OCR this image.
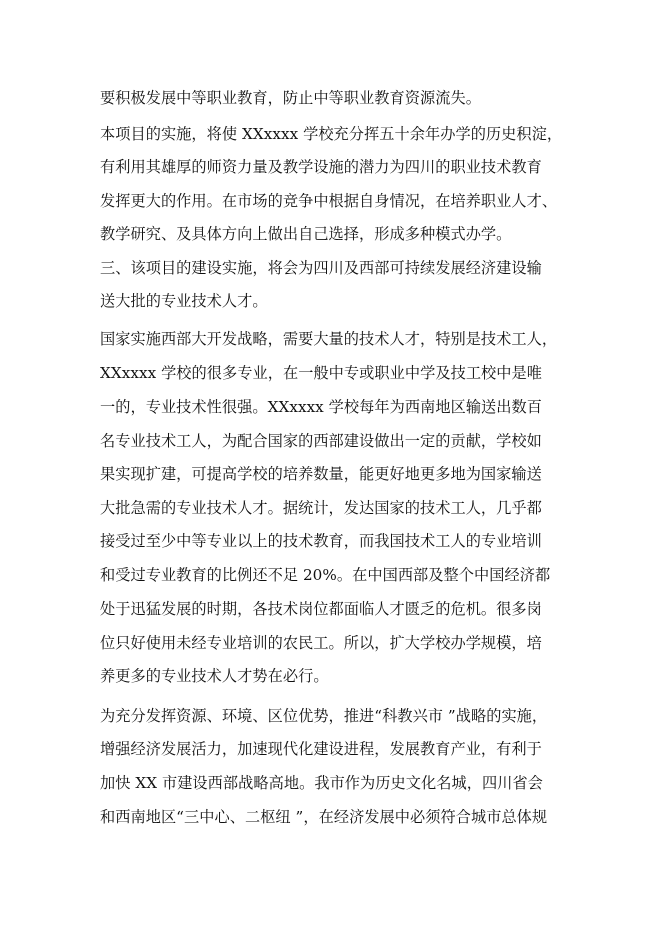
要积极发展中等职业教育，防止中等职业教育资源流失。
本项目的实施，将使 XXxxxx 学校充分挥五十余年办学的历史积淀，
有利用其雄厚的师资力量及教学设施的潜力为四川的职业技术教育
发挥更大的作用。在市场的竞争中根据自身情况，在培养职业人才、
教学研究、及具体方向上做出自己选择，形成多种模式办学。
三、该项目的建设实施，将会为四川及西部可持续发展经济建设输
送大批的专业技术人才。
国家实施西部大开发战略，需要大量的技术人才，特别是技术工人，
XXxxxx 学校的很多专业，在一般中专或职业中学及技工校中是唯
一的，专业技术性很强。XXxxxx 学校每年为西南地区输送出数百
名专业技术工人，为配合国家的西部建设做出一定的贡献，学校如
果实现扩建，可提高学校的培养数量，能更好地更多地为国家输送
大批急需的专业技术人才。据统计，发达国家的技术工人，几乎都
接受过至少中等专业以上的技术教育，而我国技术工人的专业培训
和受过专业教育的比例还不足 20%。在中国西部及整个中国经济都
处于迅猛发展的时期，各技术岗位都面临人才匮乏的危机。很多岗
位只好使用未经专业培训的农民工。所以，扩大学校办学规模，培
养更多的专业技术人才势在必行。
为充分发挥资源、环境、区位优势，推进“科教兴市 ”战略的实施，
增强经济发展活力，加速现代化建设进程，发展教育产业，有利于
加快 XX 市建设西部战略高地。我市作为历史文化名城，四川省会
和西南地区“三中心、二枢纽 ”，在经济发展中必须符合城市总体规
